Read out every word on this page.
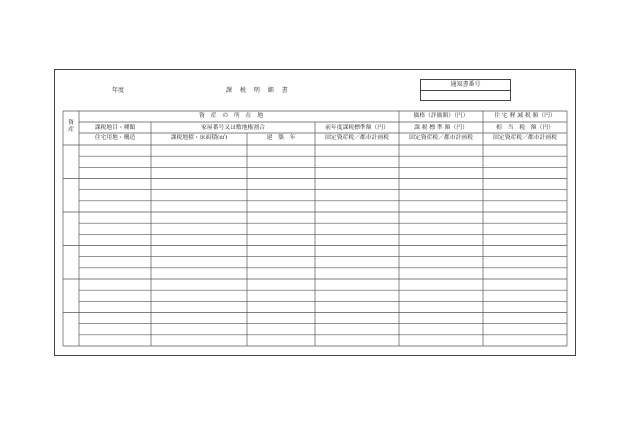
年度	課 税 明 細 書
通知書番号
資産
資 産 の 所 在 地	価格（評価額）（円）	住 宅 軽 減 税 額（円）
課税地目・種類	家屋番号又は敷地権割合	前年度課税標準額（円）	課 税 標 準 額（円）	相　当　税　額（円）
住宅用地・構造	課税地積・床面積(㎡)	建　築　年	固定資産税／都市計画税	固定資産税／都市計画税	固定資産税／都市計画税
